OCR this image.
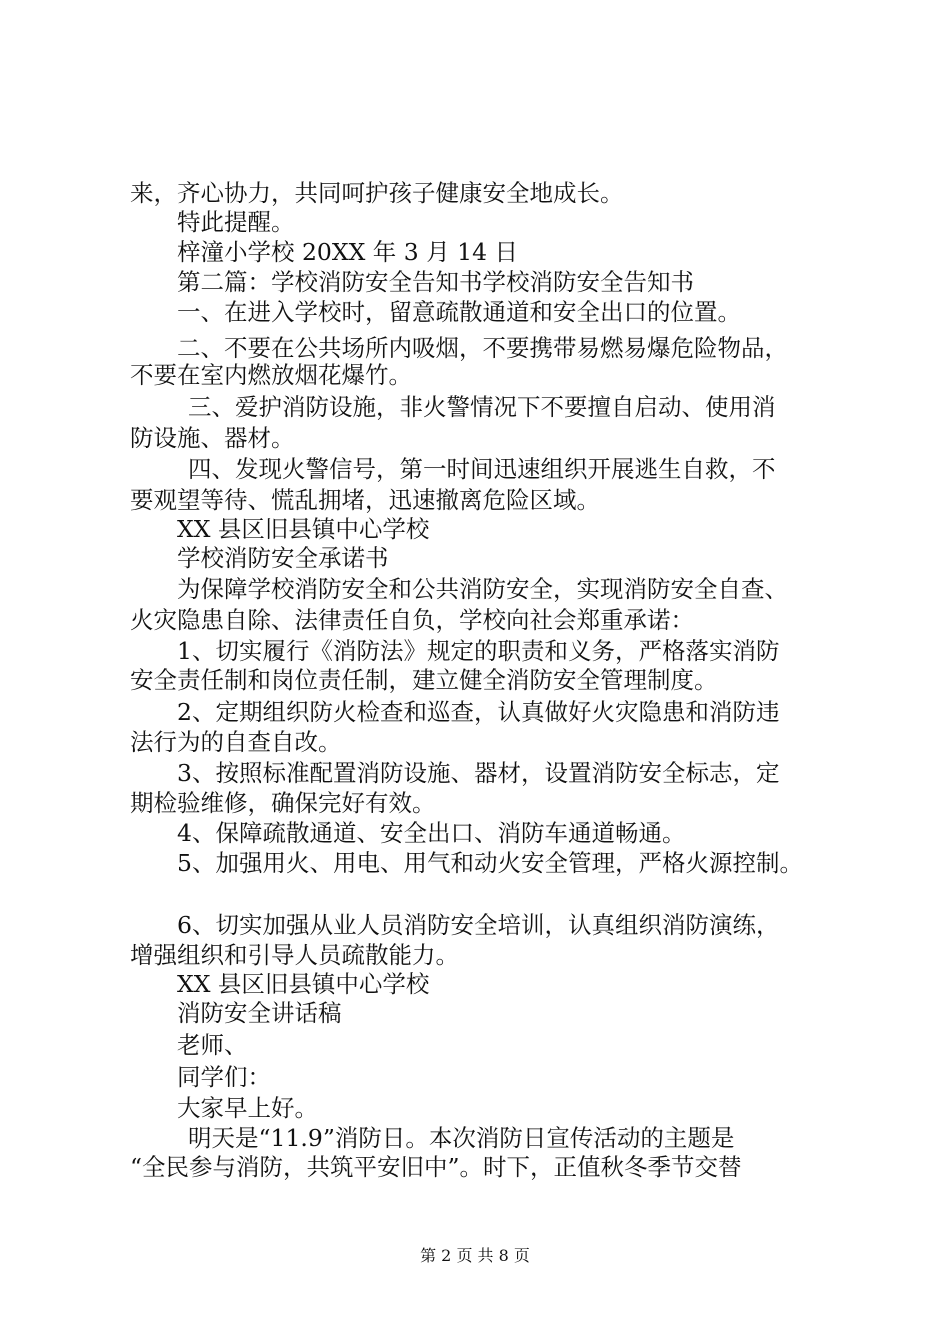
来，齐心协力，共同呵护孩子健康安全地成长。
特此提醒。
梓潼小学校 20XX 年 3 月 14 日
第二篇：学校消防安全告知书学校消防安全告知书
一、在进入学校时，留意疏散通道和安全出口的位置。
二、不要在公共场所内吸烟，不要携带易燃易爆危险物品，
不要在室内燃放烟花爆竹。
三、爱护消防设施，非火警情况下不要擅自启动、使用消
防设施、器材。
四、发现火警信号，第一时间迅速组织开展逃生自救，不
要观望等待、慌乱拥堵，迅速撤离危险区域。
XX 县区旧县镇中心学校
学校消防安全承诺书
为保障学校消防安全和公共消防安全，实现消防安全自查、
火灾隐患自除、法律责任自负，学校向社会郑重承诺：
1、切实履行《消防法》规定的职责和义务，严格落实消防
安全责任制和岗位责任制，建立健全消防安全管理制度。
2、定期组织防火检查和巡查，认真做好火灾隐患和消防违
法行为的自查自改。
3、按照标准配置消防设施、器材，设置消防安全标志，定
期检验维修，确保完好有效。
4、保障疏散通道、安全出口、消防车通道畅通。
5、加强用火、用电、用气和动火安全管理，严格火源控制。
6、切实加强从业人员消防安全培训，认真组织消防演练，
增强组织和引导人员疏散能力。
XX 县区旧县镇中心学校
消防安全讲话稿
老师、
同学们：
大家早上好。
明天是“11.9”消防日。本次消防日宣传活动的主题是
“全民参与消防，共筑平安旧中”。时下，正值秋冬季节交替
第 2 页 共 8 页
